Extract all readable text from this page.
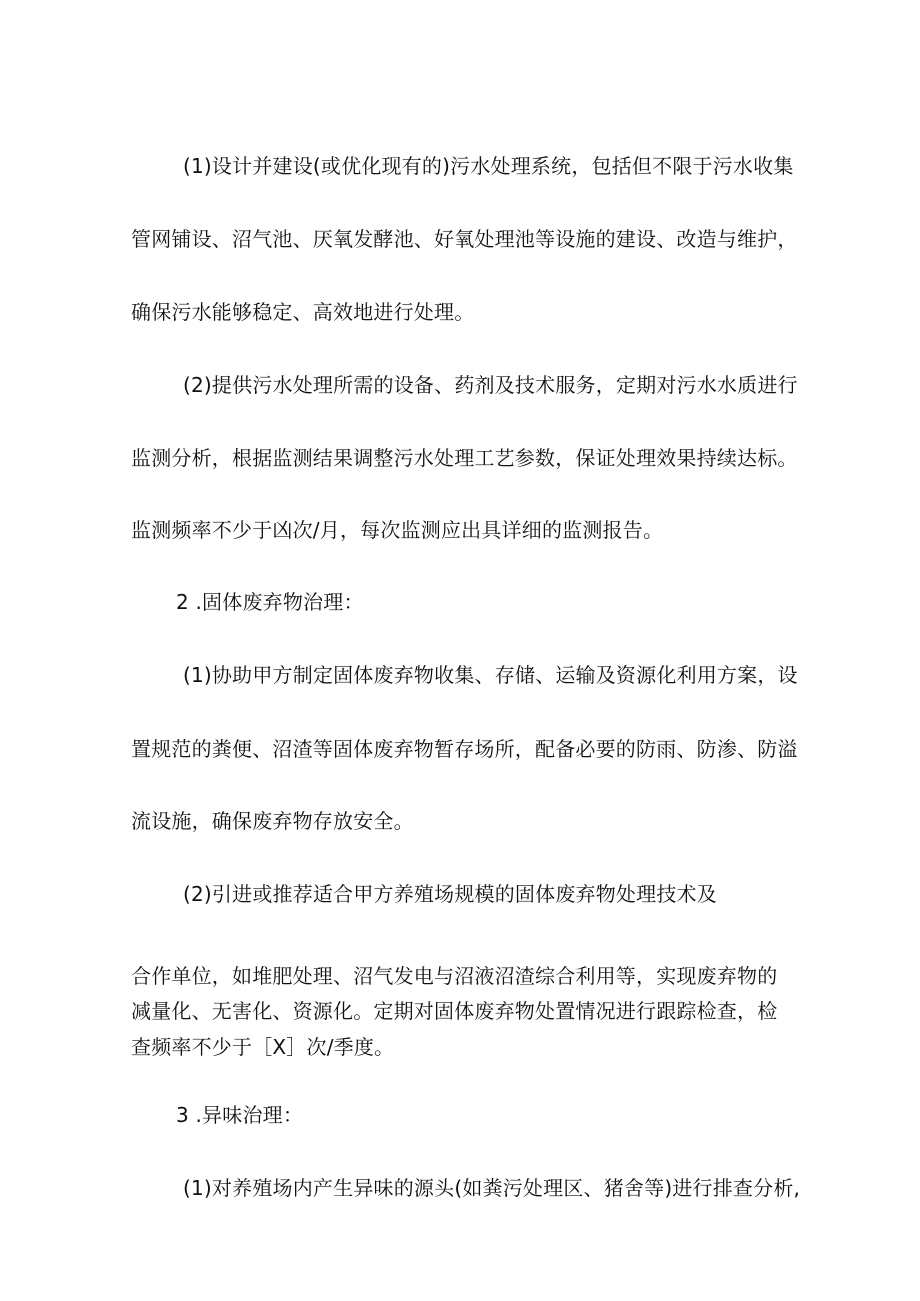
(1)设计并建设(或优化现有的)污水处理系统，包括但不限于污水收集
管网铺设、沼气池、厌氧发酵池、好氧处理池等设施的建设、改造与维护，
确保污水能够稳定、高效地进行处理。
(2)提供污水处理所需的设备、药剂及技术服务，定期对污水水质进行
监测分析，根据监测结果调整污水处理工艺参数，保证处理效果持续达标。
监测频率不少于凶次/月，每次监测应出具详细的监测报告。
2 .固体废弃物治理：
(1)协助甲方制定固体废弃物收集、存储、运输及资源化利用方案，设
置规范的粪便、沼渣等固体废弃物暂存场所，配备必要的防雨、防渗、防溢
流设施，确保废弃物存放安全。
(2)引进或推荐适合甲方养殖场规模的固体废弃物处理技术及
合作单位，如堆肥处理、沼气发电与沼液沼渣综合利用等，实现废弃物的
减量化、无害化、资源化。定期对固体废弃物处置情况进行跟踪检查，检
查频率不少于［X］次/季度。
3 .异味治理：
(1)对养殖场内产生异味的源头(如粪污处理区、猪舍等)进行排查分析,
